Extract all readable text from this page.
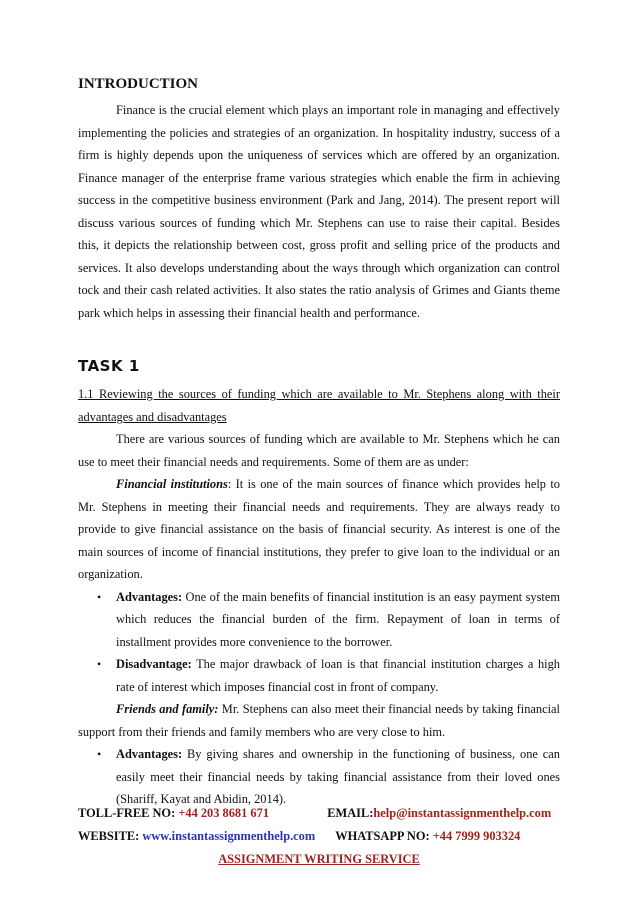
INTRODUCTION

Finance is the crucial element which plays an important role in managing and effectively implementing the policies and strategies of an organization. In hospitality industry, success of a firm is highly depends upon the uniqueness of services which are offered by an organization. Finance manager of the enterprise frame various strategies which enable the firm in achieving success in the competitive business environment (Park and Jang, 2014). The present report will discuss various sources of funding which Mr. Stephens can use to raise their capital. Besides this, it depicts the relationship between cost, gross profit and selling price of the products and services. It also develops understanding about the ways through which organization can control tock and their cash related activities. It also states the ratio analysis of Grimes and Giants theme park which helps in assessing their financial health and performance.

TASK 1

1.1 Reviewing the sources of funding which are available to Mr. Stephens along with their advantages and disadvantages

There are various sources of funding which are available to Mr. Stephens which he can use to meet their financial needs and requirements. Some of them are as under:

Financial institutions: It is one of the main sources of finance which provides help to Mr. Stephens in meeting their financial needs and requirements. They are always ready to provide to give financial assistance on the basis of financial security. As interest is one of the main sources of income of financial institutions, they prefer to give loan to the individual or an organization.

• Advantages: One of the main benefits of financial institution is an easy payment system which reduces the financial burden of the firm. Repayment of loan in terms of installment provides more convenience to the borrower.
• Disadvantage: The major drawback of loan is that financial institution charges a high rate of interest which imposes financial cost in front of company.

Friends and family: Mr. Stephens can also meet their financial needs by taking financial support from their friends and family members who are very close to him.

• Advantages: By giving shares and ownership in the functioning of business, one can easily meet their financial needs by taking financial assistance from their loved ones (Shariff, Kayat and Abidin, 2014).
TOLL-FREE NO: +44 203 8681 671	EMAIL:help@instantassignmenthelp.com
WEBSITE: www.instantassignmenthelp.com WHATSAPP NO: +44 7999 903324
ASSIGNMENT WRITING SERVICE
